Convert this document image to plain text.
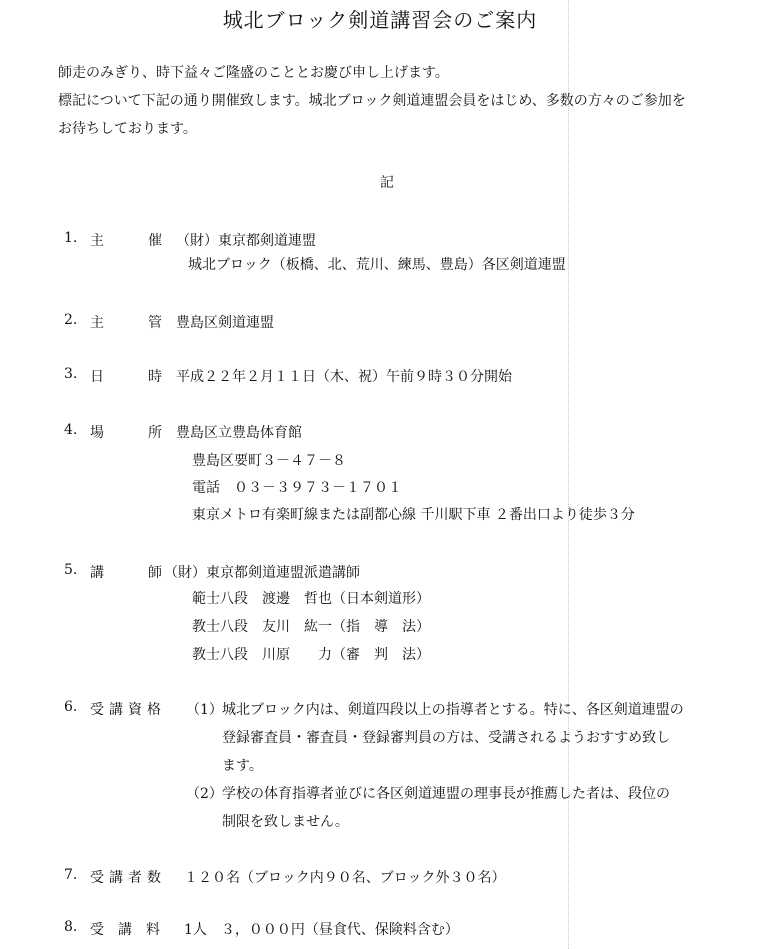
城北ブロック剣道講習会のご案内
師走のみぎり、時下益々ご隆盛のこととお慶び申し上げます。
標記について下記の通り開催致します。城北ブロック剣道連盟会員をはじめ、多数の方々のご参加を
お待ちしております。
記
1. 主	催 （財）東京都剣道連盟
城北ブロック（板橋、北、荒川、練馬、豊島）各区剣道連盟
2. 主	管 豊島区剣道連盟
3. 日	時 平成２２年２月１１日（木、祝）午前９時３０分開始
4. 場	所 豊島区立豊島体育館
豊島区要町３－４７－８
電話　０３－３９７３－１７０１
東京メトロ有楽町線または副都心線 千川駅下車 ２番出口より徒歩３分
5. 講	師 （財）東京都剣道連盟派遣講師
範士八段　渡邊　哲也（日本剣道形）
教士八段　友川　紘一（指　導　法）
教士八段　川原　　力（審　判　法）
6. 受講資格 （1） 城北ブロック内は、剣道四段以上の指導者とする。特に、各区剣道連盟の
登録審査員・審査員・登録審判員の方は、受講されるようおすすめ致し
ます。
（2） 学校の体育指導者並びに各区剣道連盟の理事長が推薦した者は、段位の
制限を致しません。
7. 受講者数 １２０名（ブロック内９０名、ブロック外３０名）
8. 受講料 1人　３，０００円（昼食代、保険料含む）
